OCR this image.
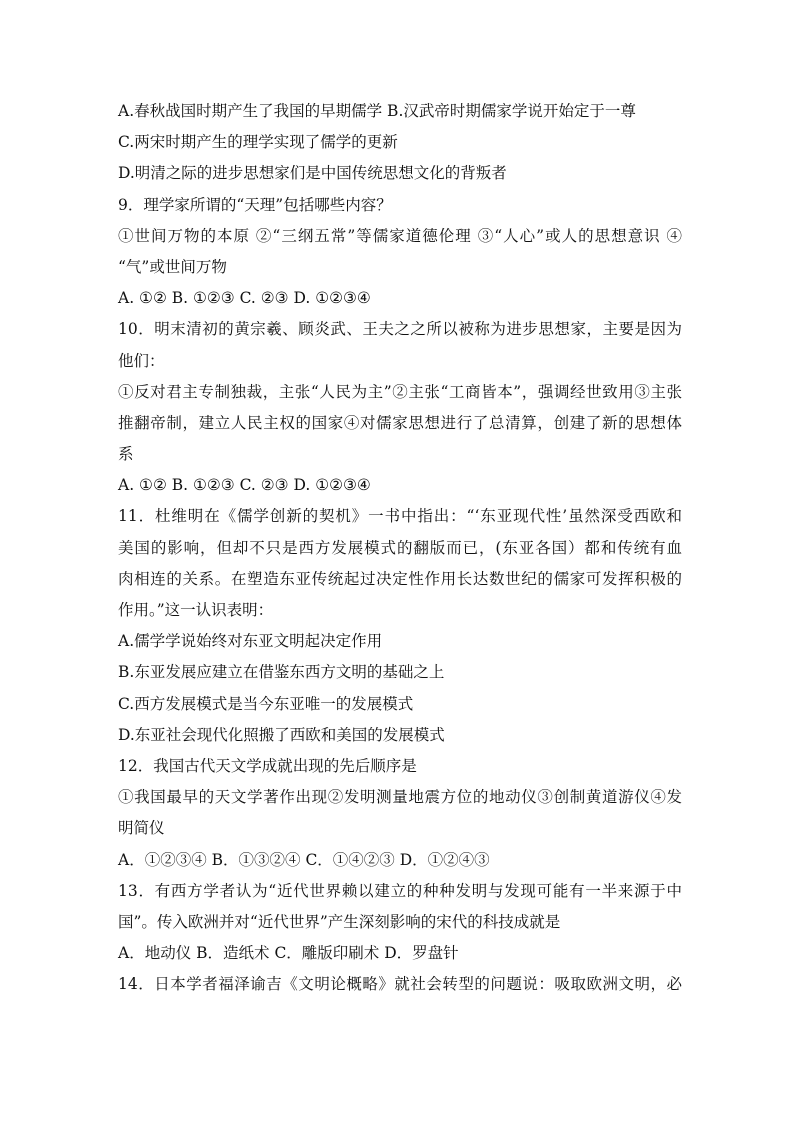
A.春秋战国时期产生了我国的早期儒学 B.汉武帝时期儒家学说开始定于一尊
C.两宋时期产生的理学实现了儒学的更新
D.明清之际的进步思想家们是中国传统思想文化的背叛者
9．理学家所谓的“天理”包括哪些内容？
①世间万物的本原 ②“三纲五常”等儒家道德伦理 ③“人心”或人的思想意识 ④
“气”或世间万物
A. ①② B. ①②③ C. ②③ D. ①②③④
10．明末清初的黄宗羲、顾炎武、王夫之之所以被称为进步思想家，主要是因为
他们：
①反对君主专制独裁，主张“人民为主”②主张“工商皆本”，强调经世致用③主张
推翻帝制，建立人民主权的国家④对儒家思想进行了总清算，创建了新的思想体
系
A. ①② B. ①②③ C. ②③ D. ①②③④
11．杜维明在《儒学创新的契机》一书中指出：“‘东亚现代性’虽然深受西欧和
美国的影响，但却不只是西方发展模式的翻版而已，(东亚各国）都和传统有血
肉相连的关系。在塑造东亚传统起过决定性作用长达数世纪的儒家可发挥积极的
作用。”这一认识表明：
A.儒学学说始终对东亚文明起决定作用
B.东亚发展应建立在借鉴东西方文明的基础之上
C.西方发展模式是当今东亚唯一的发展模式
D.东亚社会现代化照搬了西欧和美国的发展模式
12．我国古代天文学成就出现的先后顺序是
①我国最早的天文学著作出现②发明测量地震方位的地动仪③创制黄道游仪④发
明简仪
A．①②③④ B．①③②④ C．①④②③ D．①②④③
13．有西方学者认为“近代世界赖以建立的种种发明与发现可能有一半来源于中
国”。传入欧洲并对“近代世界”产生深刻影响的宋代的科技成就是
A．地动仪 B．造纸术 C．雕版印刷术 D．罗盘针
14．日本学者福泽谕吉《文明论概略》就社会转型的问题说：吸取欧洲文明，必
